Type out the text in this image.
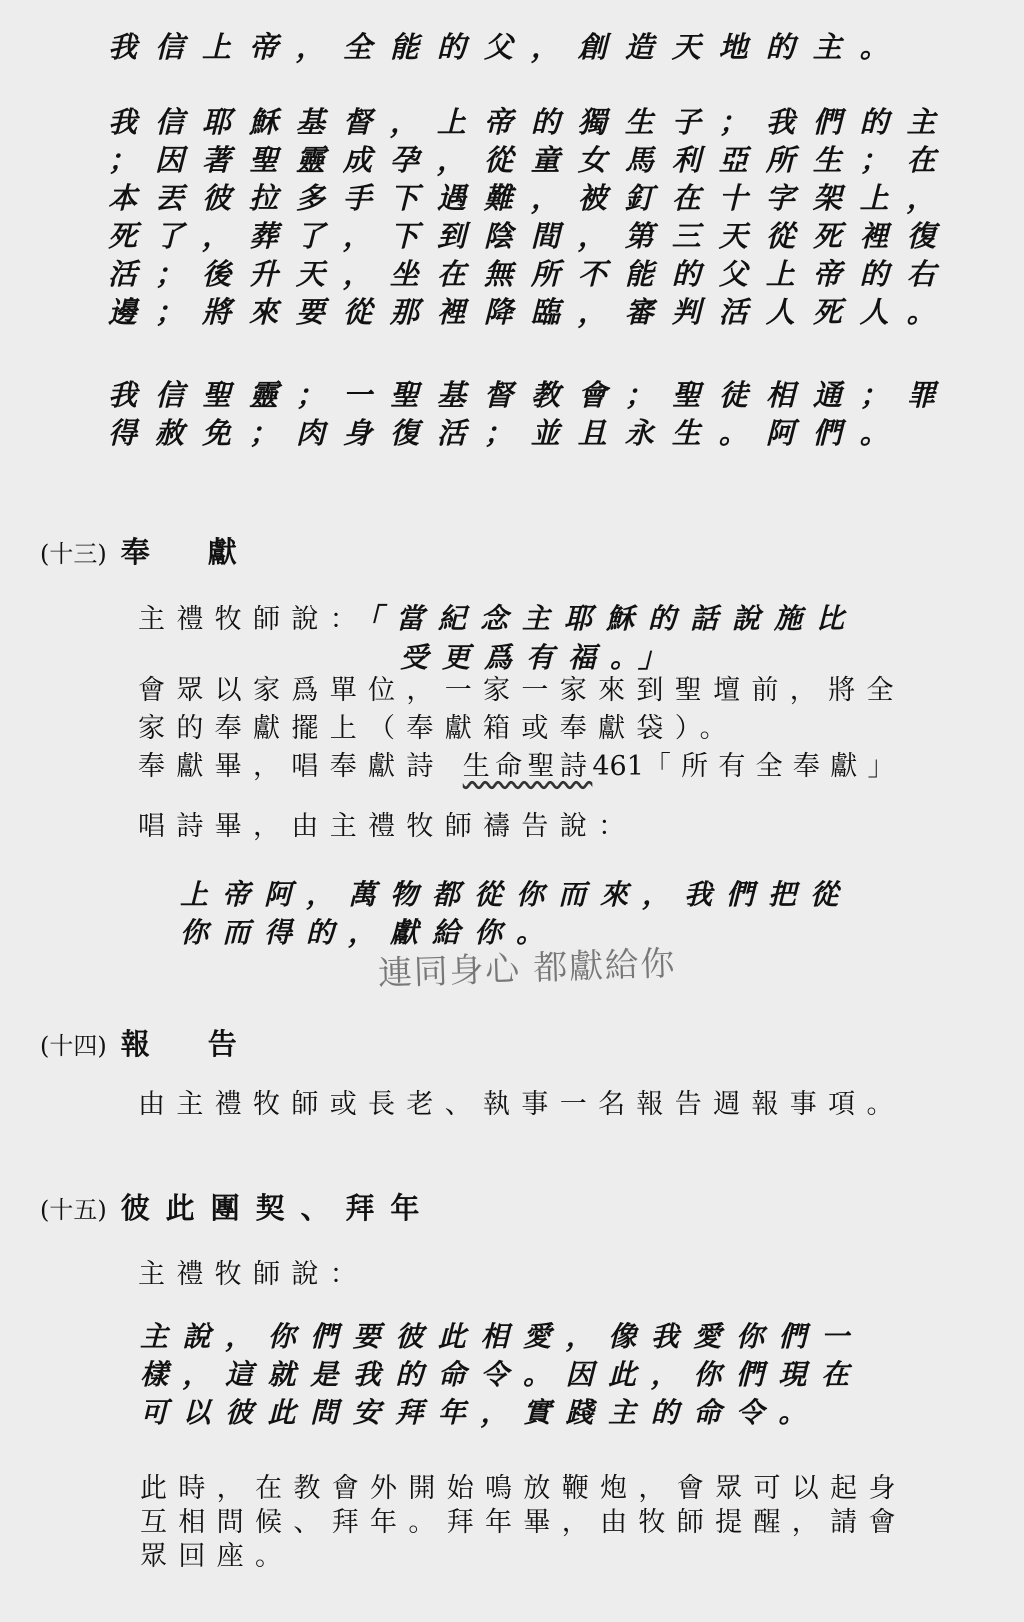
我信上帝，全能的父，創造天地的主。
我信耶穌基督，上帝的獨生子；我們的主
；因著聖靈成孕，從童女馬利亞所生；在
本丟彼拉多手下遇難，被釘在十字架上，
死了，葬了，下到陰間，第三天從死裡復
活；後升天，坐在無所不能的父上帝的右
邊；將來要從那裡降臨，審判活人死人。
我信聖靈；一聖基督教會；聖徒相通；罪
得赦免；肉身復活；並且永生。阿們。
(十三) 奉　　獻
主禮牧師說：「當紀念主耶穌的話說施比
受更爲有福。」
會眾以家爲單位，一家一家來到聖壇前，將全
家的奉獻擺上（奉獻箱或奉獻袋）。
奉獻畢，唱奉獻詩 生命聖詩461「所有全奉獻」
唱詩畢，由主禮牧師禱告說：
上帝阿，萬物都從你而來，我們把從
你而得的，獻給你。
連同身心 都獻給你
(十四) 報　　告
由主禮牧師或長老、執事一名報告週報事項。
(十五) 彼此團契、拜年
主禮牧師說：
主說，你們要彼此相愛，像我愛你們一
樣，這就是我的命令。因此，你們現在
可以彼此問安拜年，實踐主的命令。
此時，在教會外開始鳴放鞭炮，會眾可以起身
互相問候、拜年。拜年畢，由牧師提醒，請會
眾回座。
